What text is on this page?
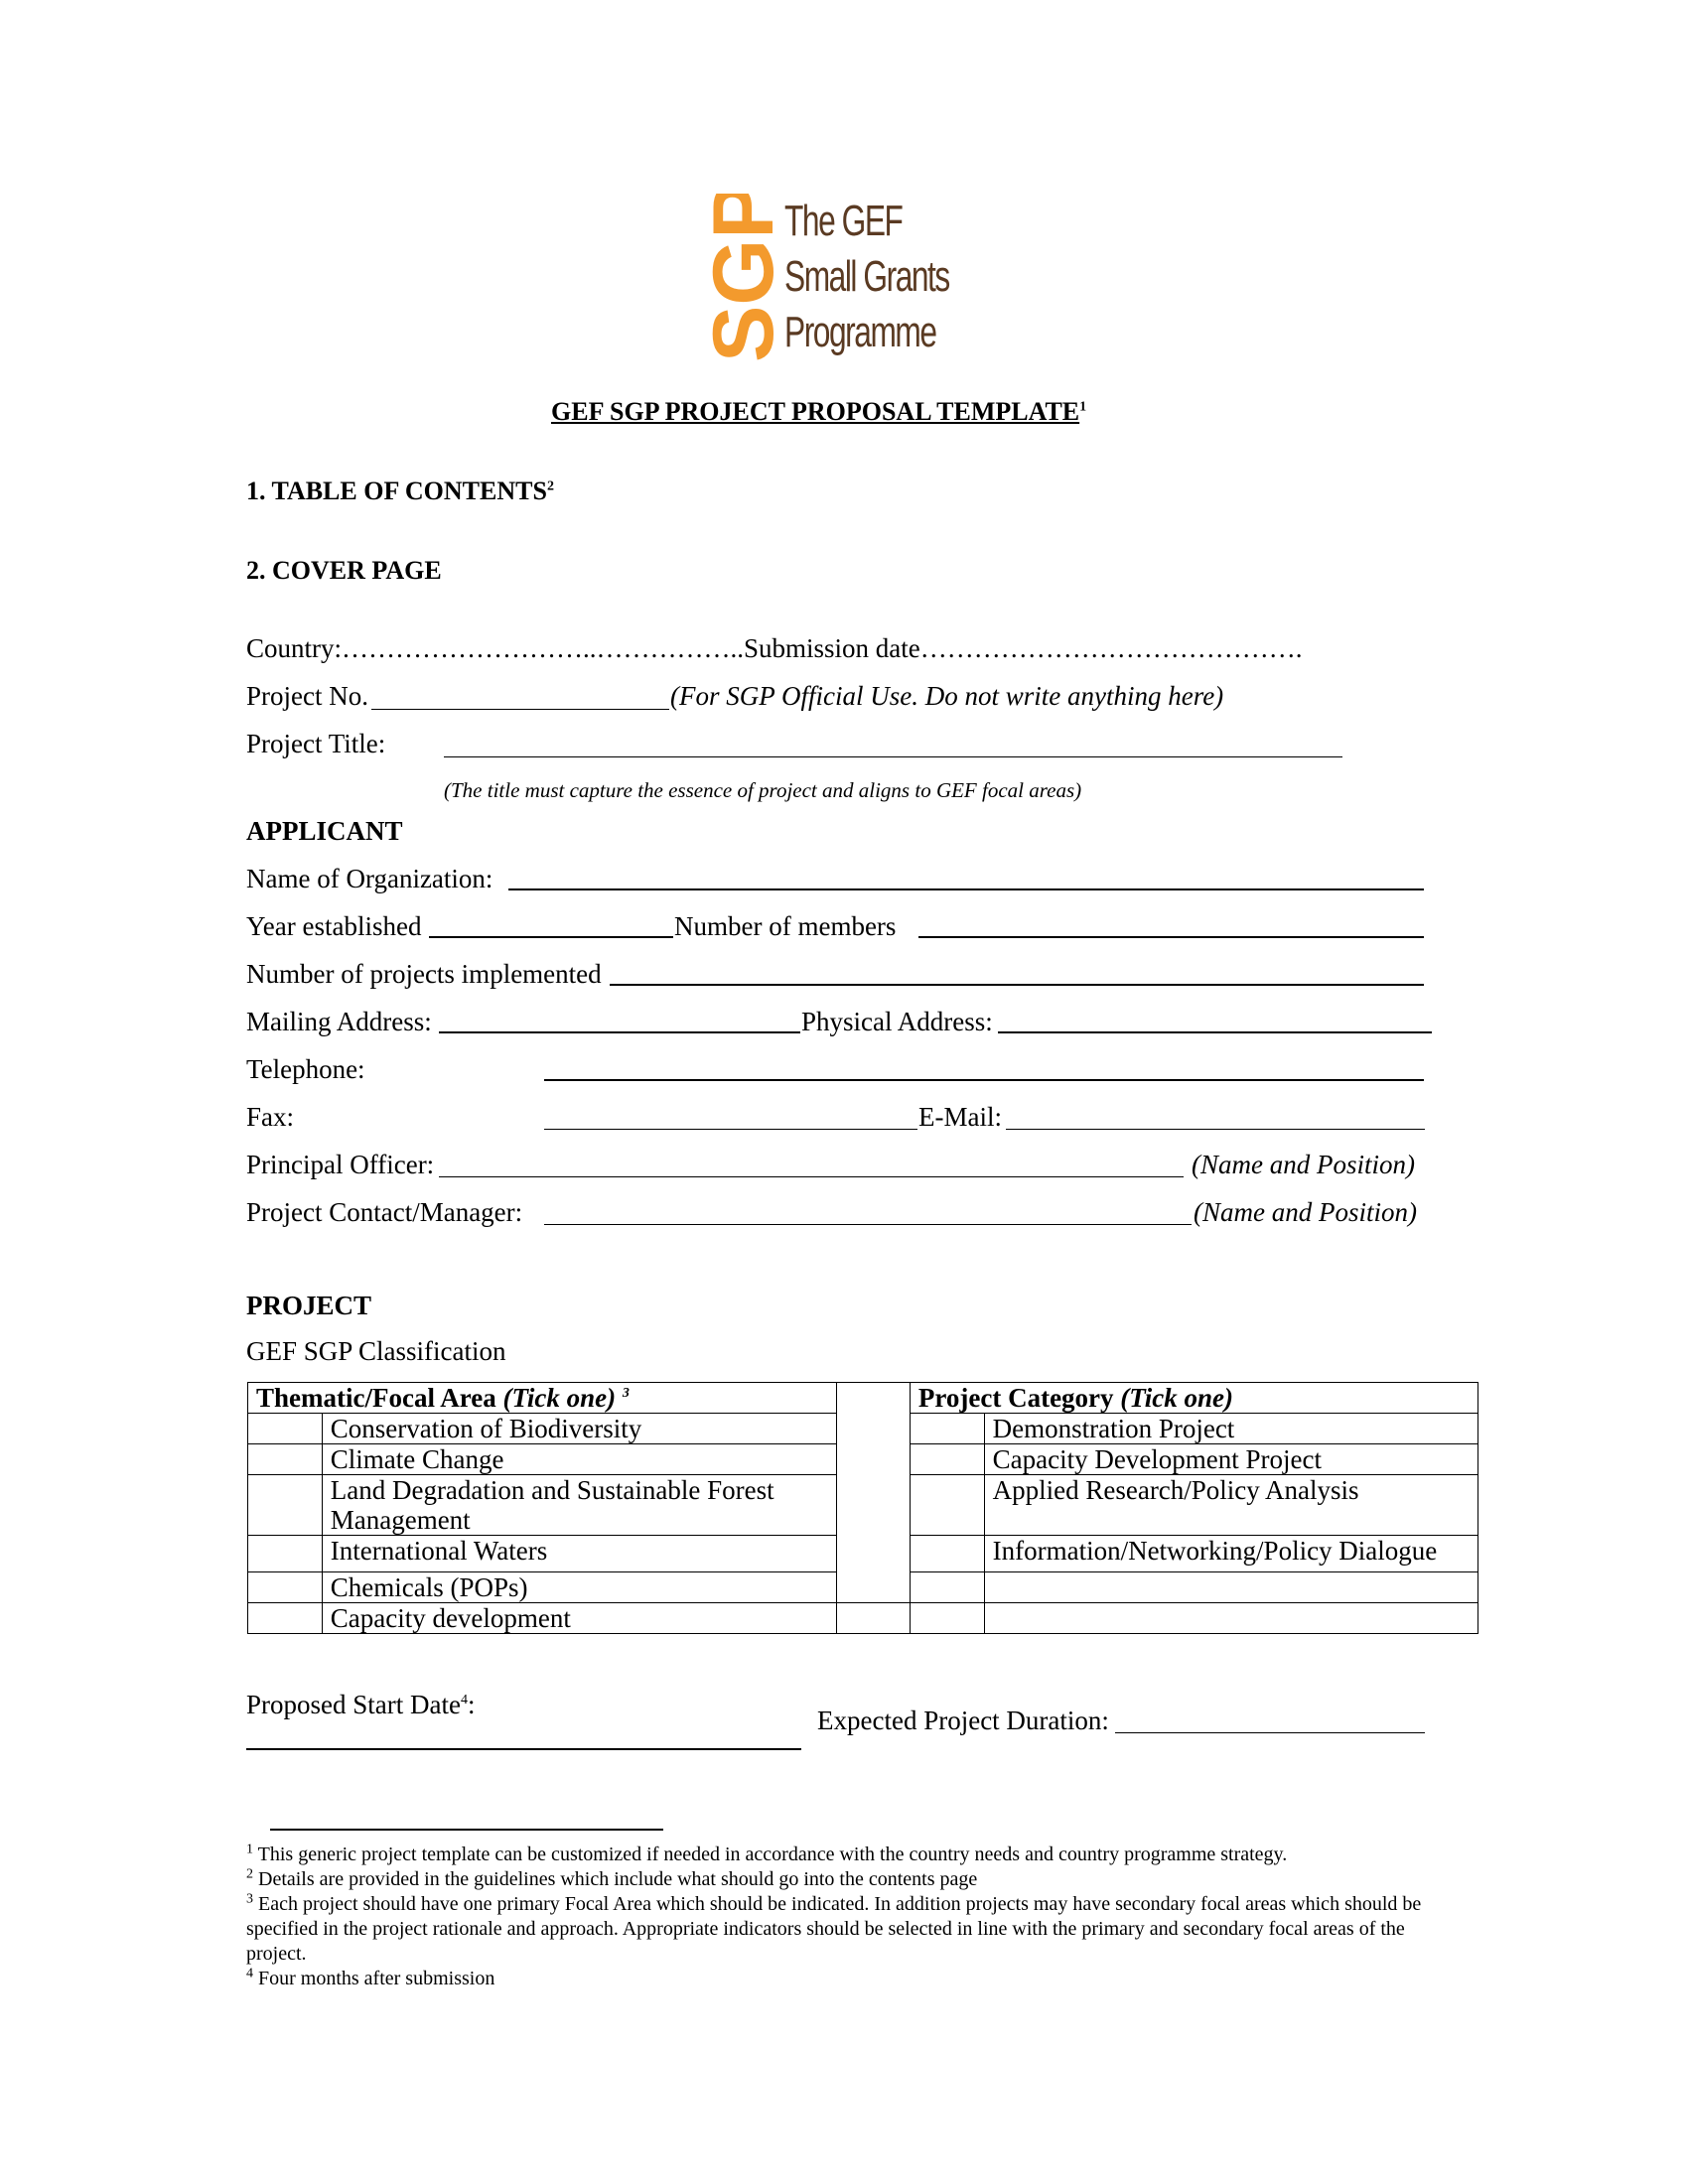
SGP
The GEF
Small Grants
Programme
GEF SGP PROJECT PROPOSAL TEMPLATE$^1$
1. TABLE OF CONTENTS$^2$
2. COVER PAGE
Country:………………………..……………..Submission date…………………………………….
Project No.	(For SGP Official Use. Do not write anything here)
Project Title:
(The title must capture the essence of project and aligns to GEF focal areas)
APPLICANT
Name of Organization:
Year established	Number of members
Number of projects implemented
Mailing Address:	Physical Address:
Telephone:
Fax:	E-Mail:
Principal Officer:	(Name and Position)
Project Contact/Manager:	(Name and Position)
PROJECT
GEF SGP Classification
Thematic/Focal Area (Tick one) $^3$			Project Category (Tick one)	
	Conservation of Biodiversity			Demonstration Project
	Climate Change			Capacity Development Project
	Land Degradation and Sustainable Forest Management			Applied Research/Policy Analysis
	International Waters			Information/Networking/Policy Dialogue
	Chemicals (POPs)			
	Capacity development			
Proposed Start Date$^4$:
Expected Project Duration:
$^1$ This generic project template can be customized if needed in accordance with the country needs and country programme strategy.
$^2$ Details are provided in the guidelines which include what should go into the contents page
$^3$ Each project should have one primary Focal Area which should be indicated. In addition projects may have secondary focal areas which should be specified in the project rationale and approach. Appropriate indicators should be selected in line with the primary and secondary focal areas of the project.
$^4$ Four months after submission
